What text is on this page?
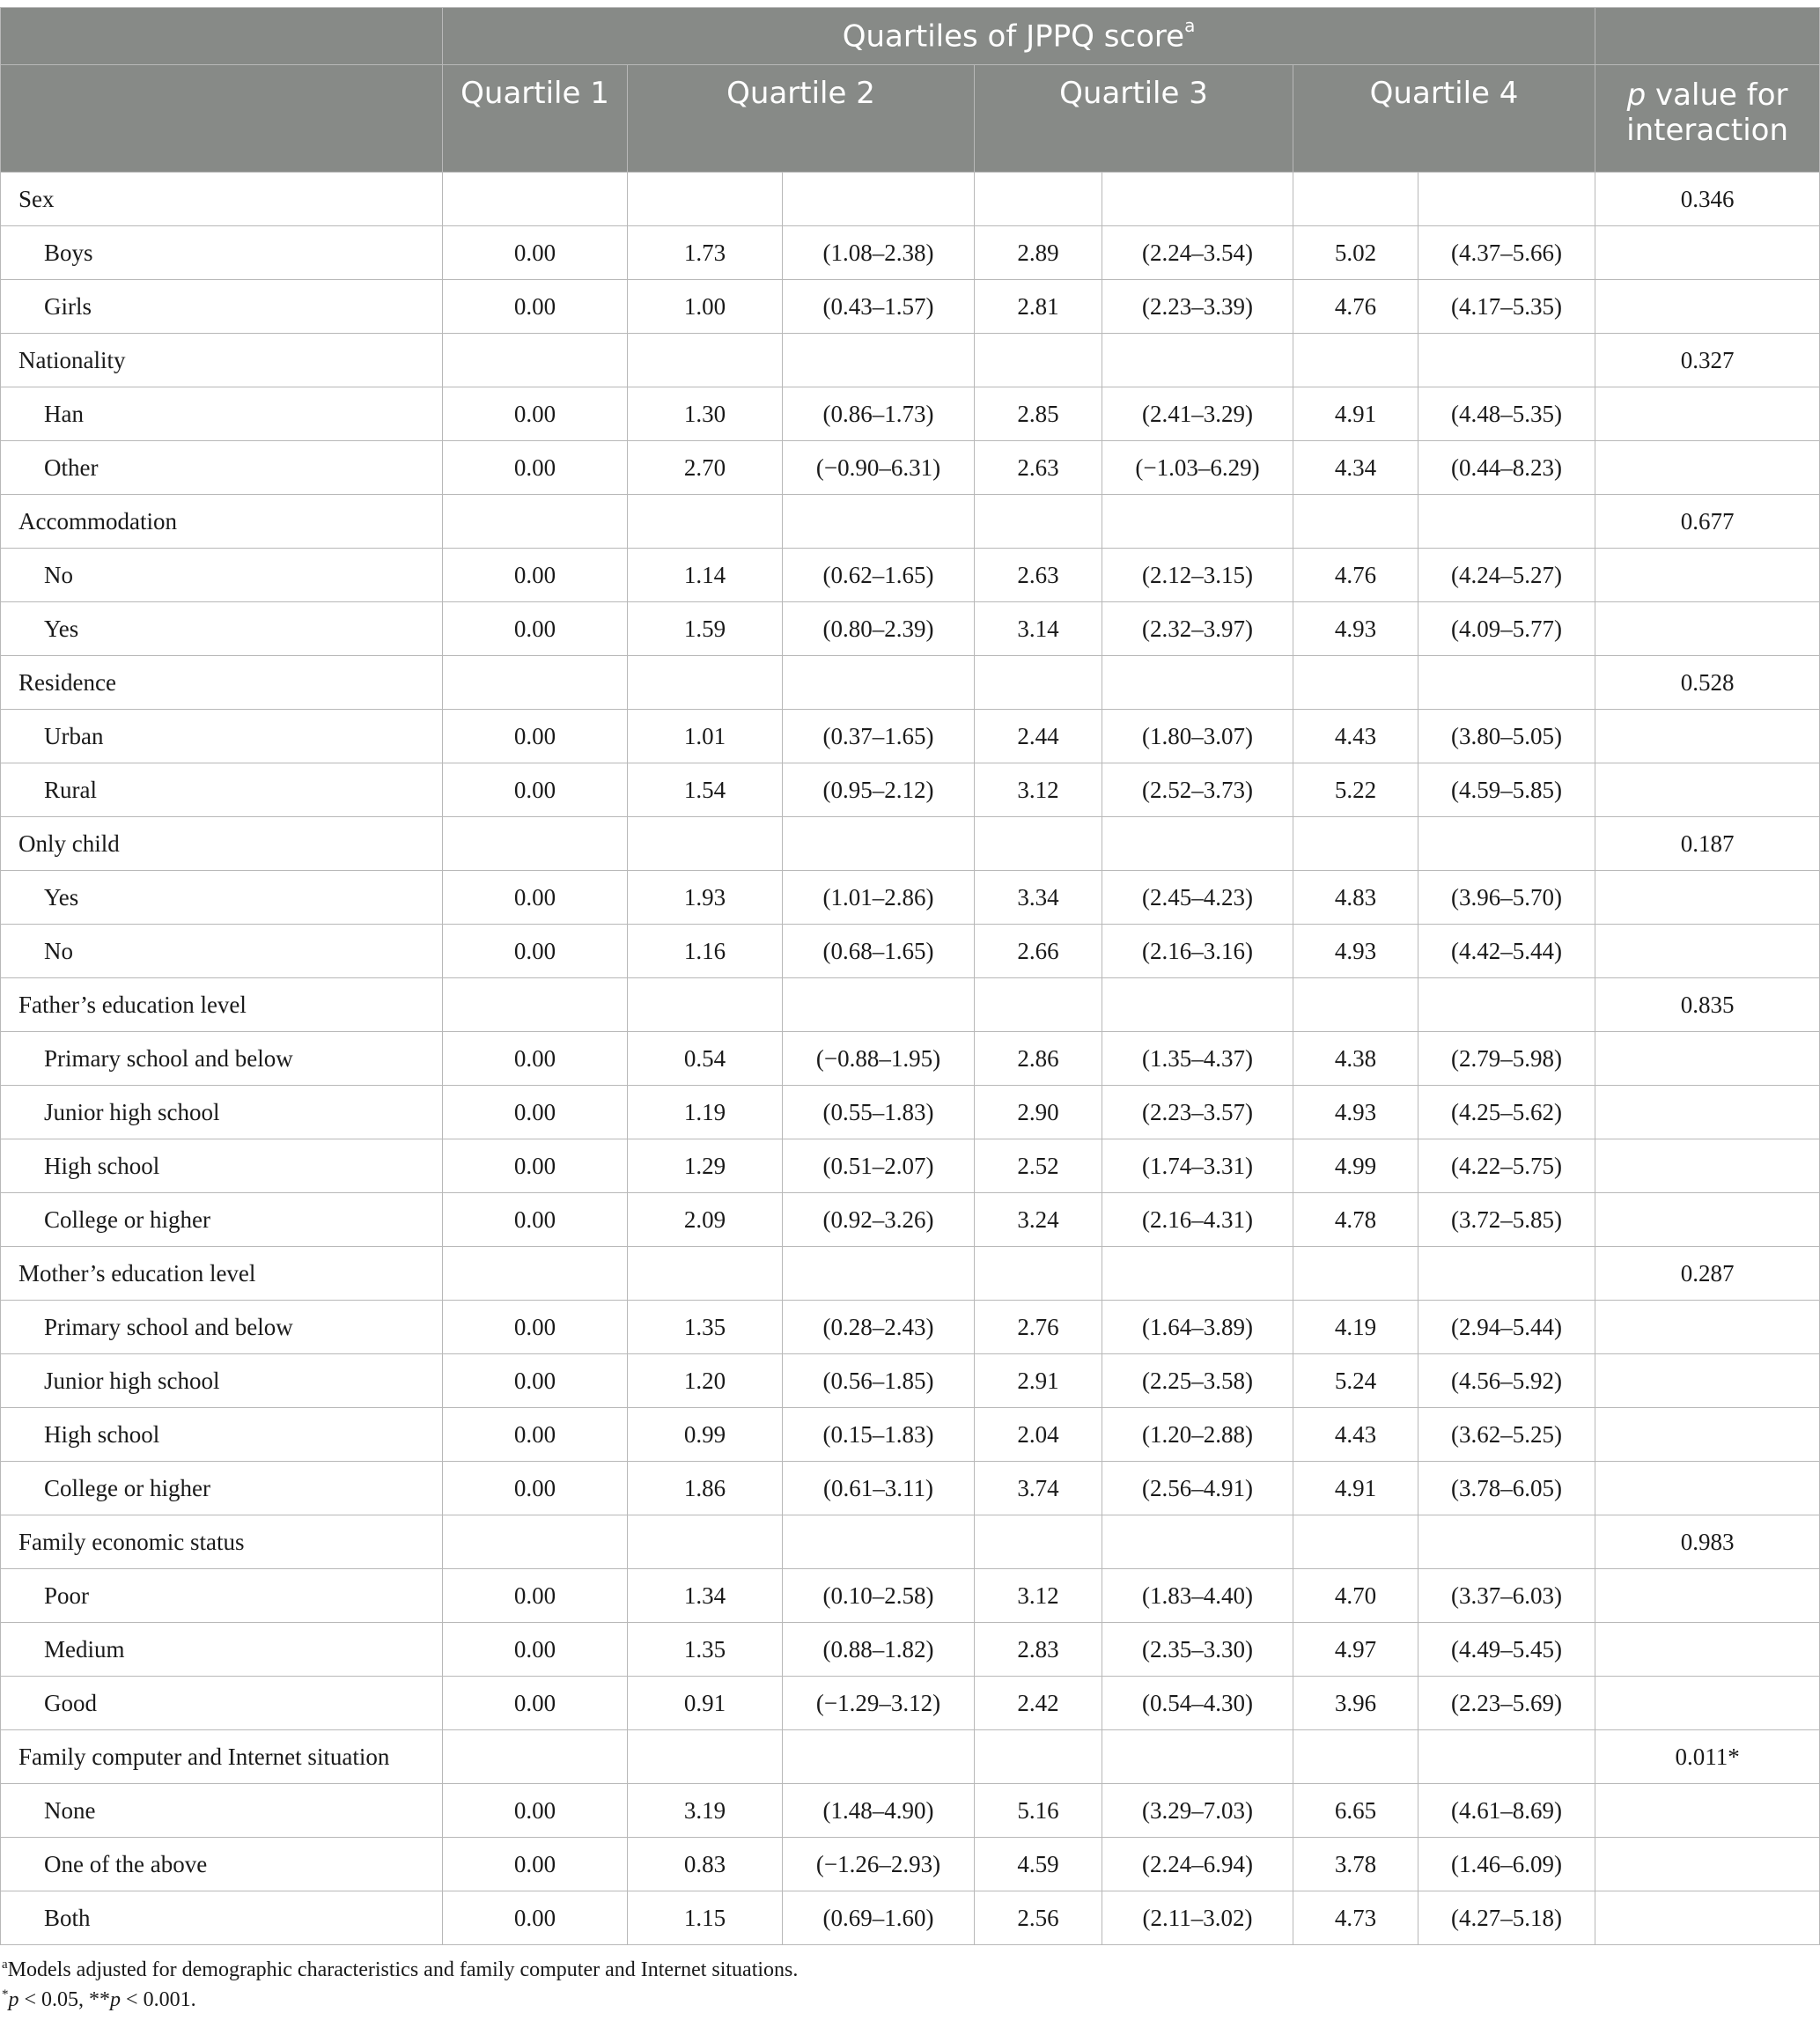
	Quartiles of JPPQ score$^a$	
	Quartile 1	Quartile 2		Quartile 3		Quartile 4		p value for
interaction
Sex								0.346
Boys	0.00	1.73	(1.08–2.38)	2.89	(2.24–3.54)	5.02	(4.37–5.66)	
Girls	0.00	1.00	(0.43–1.57)	2.81	(2.23–3.39)	4.76	(4.17–5.35)	
Nationality								0.327
Han	0.00	1.30	(0.86–1.73)	2.85	(2.41–3.29)	4.91	(4.48–5.35)	
Other	0.00	2.70	(−0.90–6.31)	2.63	(−1.03–6.29)	4.34	(0.44–8.23)	
Accommodation								0.677
No	0.00	1.14	(0.62–1.65)	2.63	(2.12–3.15)	4.76	(4.24–5.27)	
Yes	0.00	1.59	(0.80–2.39)	3.14	(2.32–3.97)	4.93	(4.09–5.77)	
Residence								0.528
Urban	0.00	1.01	(0.37–1.65)	2.44	(1.80–3.07)	4.43	(3.80–5.05)	
Rural	0.00	1.54	(0.95–2.12)	3.12	(2.52–3.73)	5.22	(4.59–5.85)	
Only child								0.187
Yes	0.00	1.93	(1.01–2.86)	3.34	(2.45–4.23)	4.83	(3.96–5.70)	
No	0.00	1.16	(0.68–1.65)	2.66	(2.16–3.16)	4.93	(4.42–5.44)	
Father’s education level								0.835
Primary school and below	0.00	0.54	(−0.88–1.95)	2.86	(1.35–4.37)	4.38	(2.79–5.98)	
Junior high school	0.00	1.19	(0.55–1.83)	2.90	(2.23–3.57)	4.93	(4.25–5.62)	
High school	0.00	1.29	(0.51–2.07)	2.52	(1.74–3.31)	4.99	(4.22–5.75)	
College or higher	0.00	2.09	(0.92–3.26)	3.24	(2.16–4.31)	4.78	(3.72–5.85)	
Mother’s education level								0.287
Primary school and below	0.00	1.35	(0.28–2.43)	2.76	(1.64–3.89)	4.19	(2.94–5.44)	
Junior high school	0.00	1.20	(0.56–1.85)	2.91	(2.25–3.58)	5.24	(4.56–5.92)	
High school	0.00	0.99	(0.15–1.83)	2.04	(1.20–2.88)	4.43	(3.62–5.25)	
College or higher	0.00	1.86	(0.61–3.11)	3.74	(2.56–4.91)	4.91	(3.78–6.05)	
Family economic status								0.983
Poor	0.00	1.34	(0.10–2.58)	3.12	(1.83–4.40)	4.70	(3.37–6.03)	
Medium	0.00	1.35	(0.88–1.82)	2.83	(2.35–3.30)	4.97	(4.49–5.45)	
Good	0.00	0.91	(−1.29–3.12)	2.42	(0.54–4.30)	3.96	(2.23–5.69)	
Family computer and Internet situation								0.011*
None	0.00	3.19	(1.48–4.90)	5.16	(3.29–7.03)	6.65	(4.61–8.69)	
One of the above	0.00	0.83	(−1.26–2.93)	4.59	(2.24–6.94)	3.78	(1.46–6.09)	
Both	0.00	1.15	(0.69–1.60)	2.56	(2.11–3.02)	4.73	(4.27–5.18)	
$^a$Models adjusted for demographic characteristics and family computer and Internet situations.
*p < 0.05, **p < 0.001.
